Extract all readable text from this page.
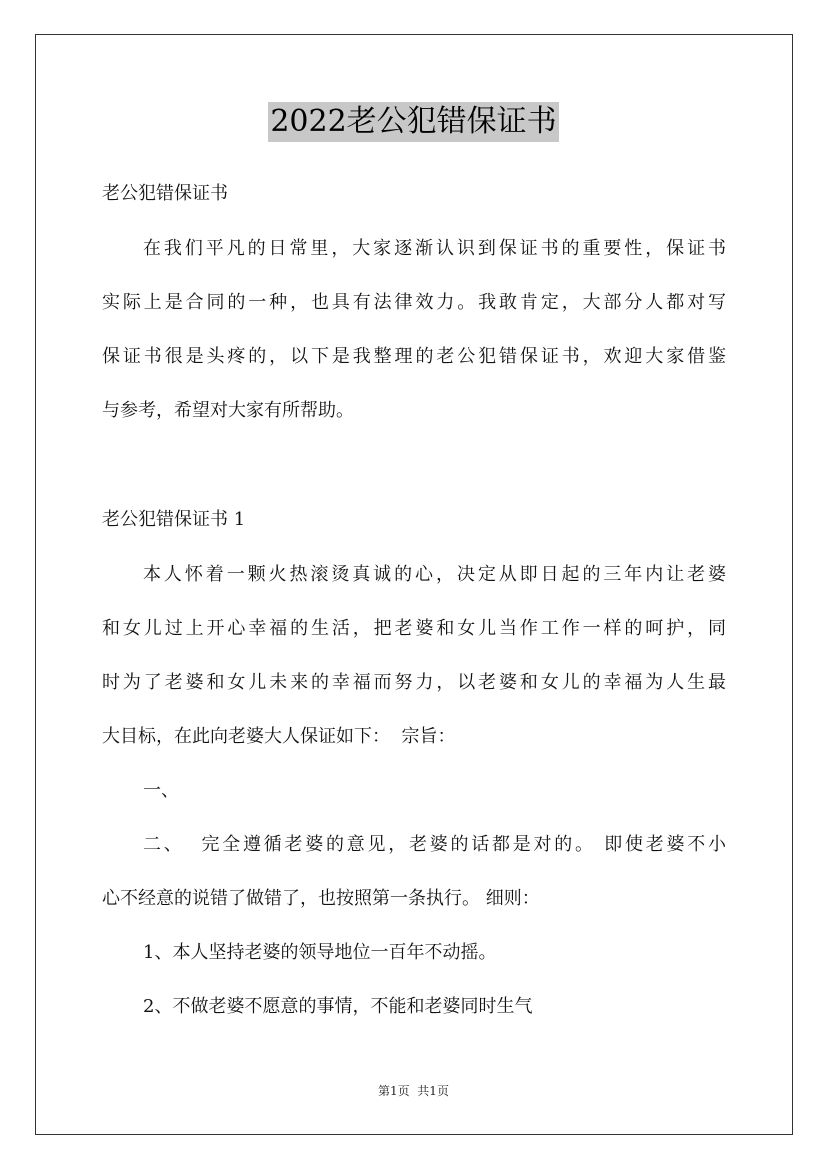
2022老公犯错保证书
老公犯错保证书
在我们平凡的日常里，大家逐渐认识到保证书的重要性，保证书
实际上是合同的一种，也具有法律效力。我敢肯定，大部分人都对写
保证书很是头疼的，以下是我整理的老公犯错保证书，欢迎大家借鉴
与参考，希望对大家有所帮助。
老公犯错保证书 1
本人怀着一颗火热滚烫真诚的心，决定从即日起的三年内让老婆
和女儿过上开心幸福的生活，把老婆和女儿当作工作一样的呵护，同
时为了老婆和女儿未来的幸福而努力，以老婆和女儿的幸福为人生最
大目标，在此向老婆大人保证如下：  宗旨：
一、
二、  完全遵循老婆的意见，老婆的话都是对的。 即使老婆不小
心不经意的说错了做错了，也按照第一条执行。 细则：
1、本人坚持老婆的领导地位一百年不动摇。
2、不做老婆不愿意的事情，不能和老婆同时生气
第1页  共1页
